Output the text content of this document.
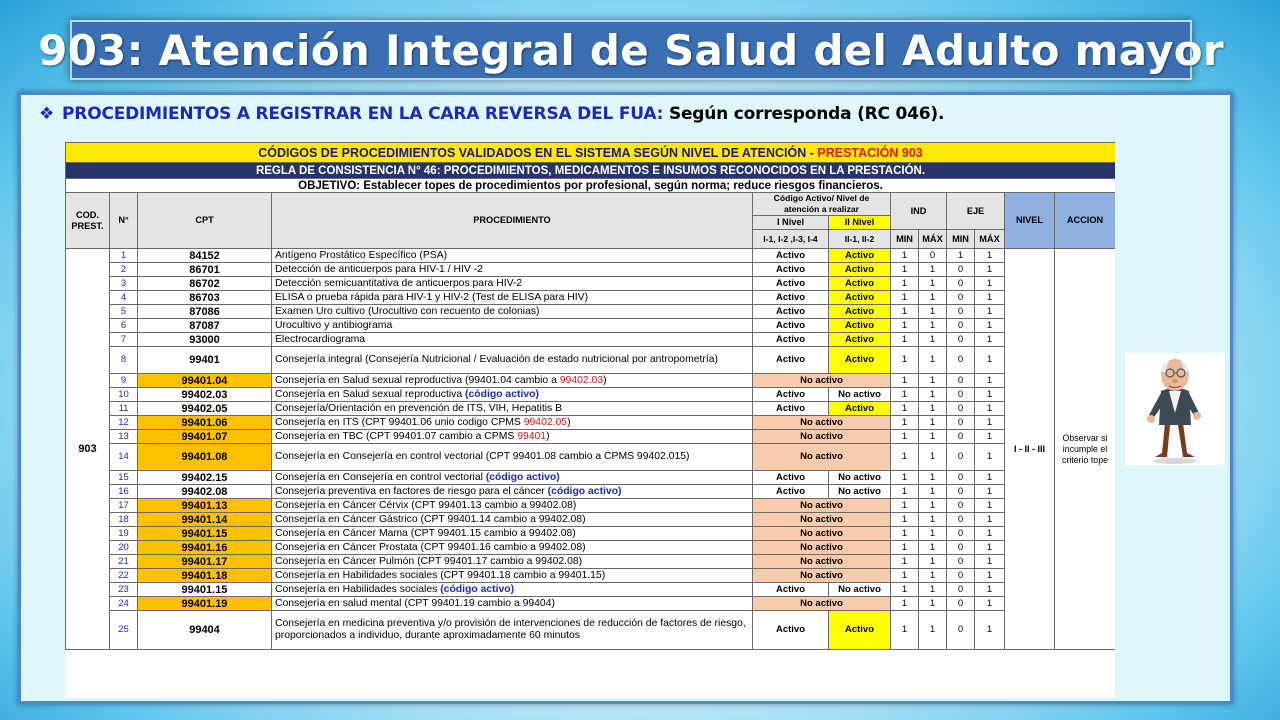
903: Atención Integral de Salud del Adulto mayor
❖ PROCEDIMIENTOS A REGISTRAR EN LA CARA REVERSA DEL FUA: Según corresponda (RC 046).
CÓDIGOS DE PROCEDIMIENTOS VALIDADOS EN EL SISTEMA SEGÚN NIVEL DE ATENCIÓN - PRESTACIÓN 903											
REGLA DE CONSISTENCIA N° 46: PROCEDIMIENTOS, MEDICAMENTOS E INSUMOS RECONOCIDOS EN LA PRESTACIÓN.											
OBJETIVO: Establecer topes de procedimientos por profesional, según norma; reduce riesgos financieros.											
COD. PREST.	N°	CPT	PROCEDIMIENTO	Código Activo/ Nivel de atención a realizar		IND		EJE		NIVEL	ACCION
				I Nivel	II Nivel						
				I-1, I-2 ,I-3, I-4	II-1, II-2	MIN	MÁX	MIN	MÁX		
903	1	84152	Antígeno Prostático Específico (PSA)	Activo	Activo	1	0	1	1	I - II - III	Observar si incumple el criterio tope
	2	86701	Detección de anticuerpos para HIV-1 / HIV -2	Activo	Activo	1	1	0	1		
	3	86702	Detección semicuantitativa de anticuerpos para HIV-2	Activo	Activo	1	1	0	1		
	4	86703	ELISA o prueba rápida para HIV-1 y HIV-2 (Test de ELISA para HIV)	Activo	Activo	1	1	0	1		
	5	87086	Examen Uro cultivo (Urocultivo con recuento de colonias)	Activo	Activo	1	1	0	1		
	6	87087	Urocultivo y antibiograma	Activo	Activo	1	1	0	1		
	7	93000	Electrocardiograma	Activo	Activo	1	1	0	1		
	8	99401	Consejería integral (Consejería Nutricional / Evaluación de estado nutricional por antropometría)	Activo	Activo	1	1	0	1		
	9	99401.04	Consejería en Salud sexual reproductiva (99401.04 cambio a 99402.03)	No activo		1	1	0	1		
	10	99402.03	Consejería en Salud sexual reproductiva (código activo)	Activo	No activo	1	1	0	1		
	11	99402.05	Consejería/Orientación en prevención de ITS, VIH, Hepatitis B	Activo	Activo	1	1	0	1		
	12	99401.06	Consejería en ITS (CPT 99401.06 unio codigo CPMS 99402.05)	No activo		1	1	0	1		
	13	99401.07	Consejería en TBC (CPT 99401.07 cambio a CPMS 99401)	No activo		1	1	0	1		
	14	99401.08	Consejería en Consejería en control vectorial (CPT 99401.08 cambio a CPMS 99402.015)	No activo		1	1	0	1		
	15	99402.15	Consejería en Consejería en control vectorial (código activo)	Activo	No activo	1	1	0	1		
	16	99402.08	Consejería preventiva en factores de riesgo para el cáncer (código activo)	Activo	No activo	1	1	0	1		
	17	99401.13	Consejería en Cáncer Cérvix (CPT 99401.13 cambio a 99402.08)	No activo		1	1	0	1		
	18	99401.14	Consejería en Cáncer Gástrico (CPT 99401.14 cambio a 99402.08)	No activo		1	1	0	1		
	19	99401.15	Consejería en Cáncer Mama (CPT 99401.15 cambio a 99402.08)	No activo		1	1	0	1		
	20	99401.16	Consejería en Cáncer Prostata (CPT 99401.16 cambio a 99402.08)	No activo		1	1	0	1		
	21	99401.17	Consejería en Cáncer Pulmón (CPT 99401.17 cambio a 99402.08)	No activo		1	1	0	1		
	22	99401.18	Consejería en Habilidades sociales (CPT 99401.18 cambio a 99401.15)	No activo		1	1	0	1		
	23	99401.15	Consejería en Habilidades sociales (código activo)	Activo	No activo	1	1	0	1		
	24	99401.19	Consejería en salud mental (CPT 99401.19 cambio a 99404)	No activo		1	1	0	1		
	25	99404	Consejería en medicina preventiva y/o provisión de intervenciones de reducción de factores de riesgo, proporcionados a individuo, durante aproximadamente 60 minutos	Activo	Activo	1	1	0	1		
